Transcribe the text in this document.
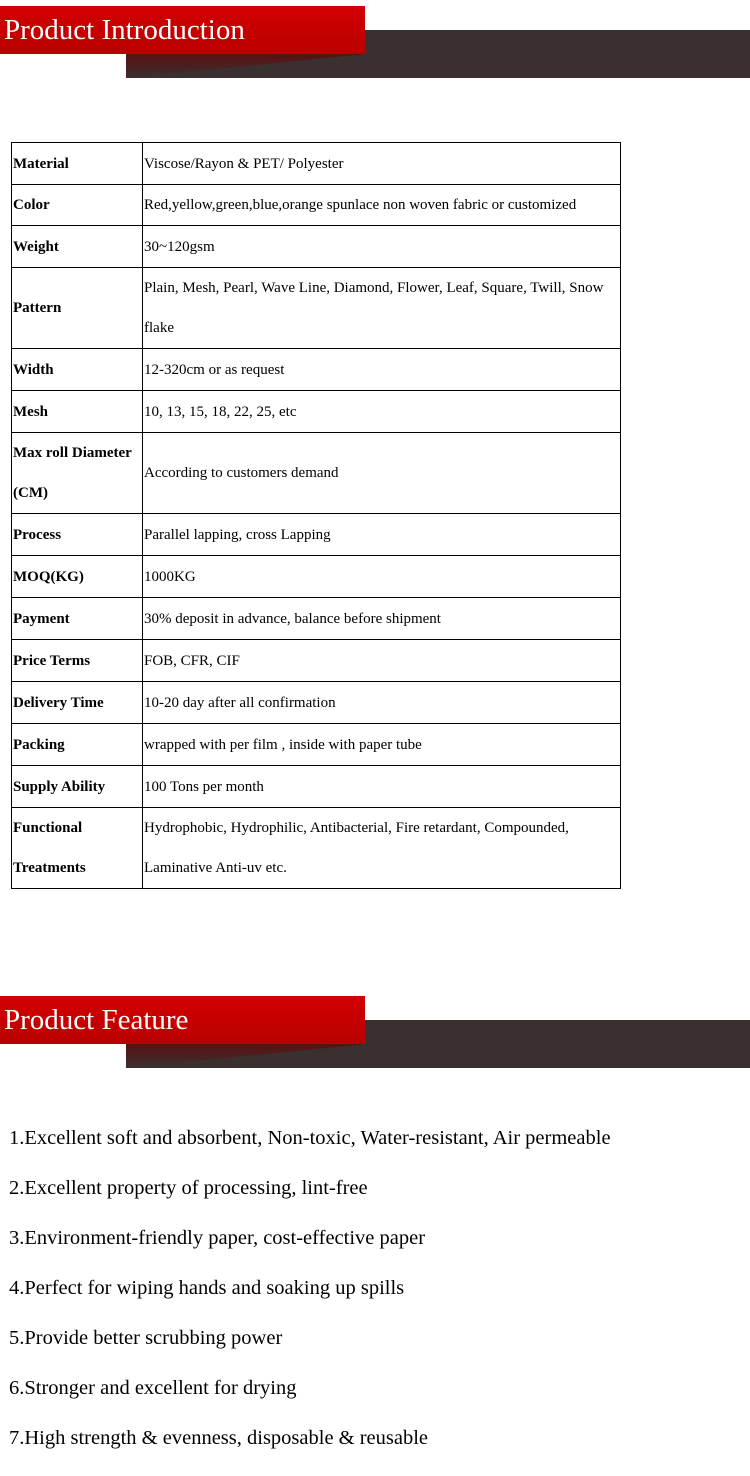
Product Introduction
Material	Viscose/Rayon & PET/ Polyester
Color	Red,yellow,green,blue,orange spunlace non woven fabric or customized
Weight	30~120gsm
Pattern	Plain, Mesh, Pearl, Wave Line, Diamond, Flower, Leaf, Square, Twill, Snow flake
Width	12-320cm or as request
Mesh	10, 13, 15, 18, 22, 25, etc
Max roll Diameter (CM)	According to customers demand
Process	Parallel lapping, cross Lapping
MOQ(KG)	1000KG
Payment	30% deposit in advance, balance before shipment
Price Terms	FOB, CFR, CIF
Delivery Time	10-20 day after all confirmation
Packing	wrapped with per film , inside with paper tube
Supply Ability	100 Tons per month
Functional Treatments	Hydrophobic, Hydrophilic, Antibacterial, Fire retardant, Compounded, Laminative Anti-uv etc.
Product Feature
1.Excellent soft and absorbent, Non-toxic, Water-resistant, Air permeable
2.Excellent property of processing, lint-free
3.Environment-friendly paper, cost-effective paper
4.Perfect for wiping hands and soaking up spills
5.Provide better scrubbing power
6.Stronger and excellent for drying
7.High strength & evenness, disposable & reusable
